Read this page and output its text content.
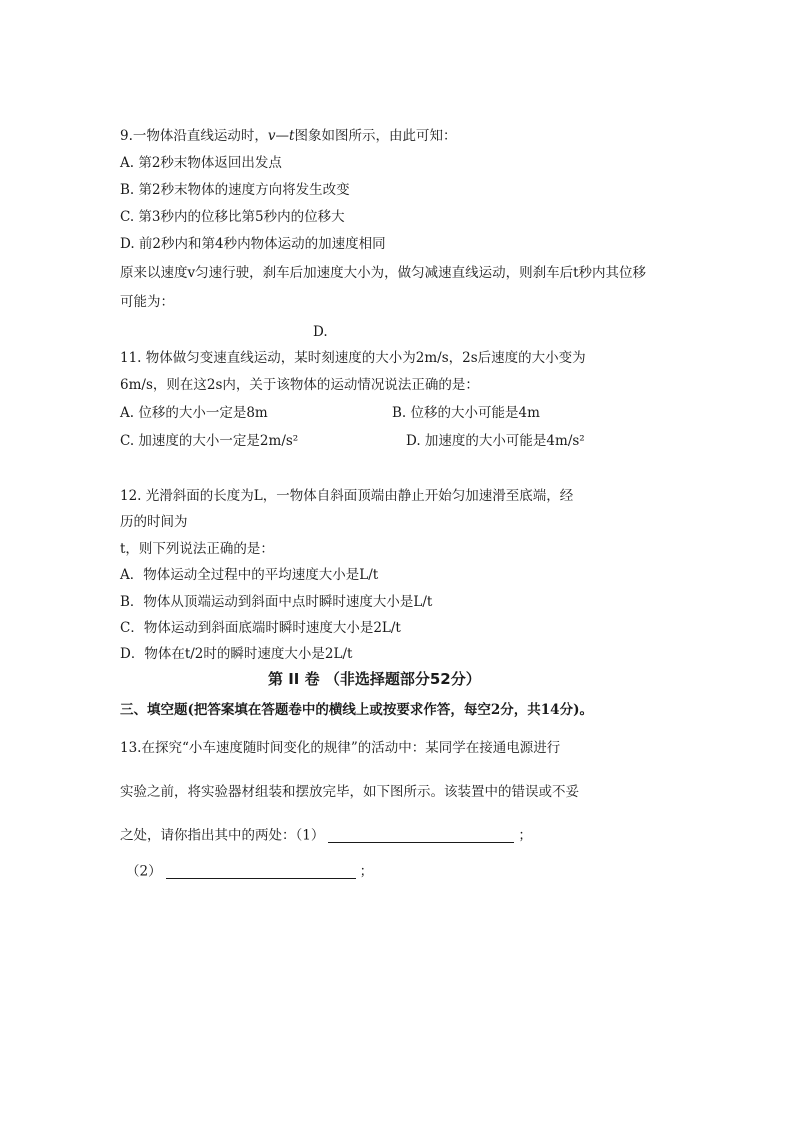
9.一物体沿直线运动时，v—t图象如图所示，由此可知：
A. 第2秒末物体返回出发点
B. 第2秒末物体的速度方向将发生改变
C. 第3秒内的位移比第5秒内的位移大
D. 前2秒内和第4秒内物体运动的加速度相同
原来以速度v匀速行驶，刹车后加速度大小为，做匀减速直线运动，则刹车后t秒内其位移
可能为：
D.
11. 物体做匀变速直线运动，某时刻速度的大小为2m/s，2s后速度的大小变为
6m/s，则在这2s内，关于该物体的运动情况说法正确的是：
A. 位移的大小一定是8m	B. 位移的大小可能是4m
C. 加速度的大小一定是2m/s²	D. 加速度的大小可能是4m/s²
12. 光滑斜面的长度为L，一物体自斜面顶端由静止开始匀加速滑至底端，经
历的时间为
t，则下列说法正确的是：
A．物体运动全过程中的平均速度大小是L/t
B．物体从顶端运动到斜面中点时瞬时速度大小是L/t
C．物体运动到斜面底端时瞬时速度大小是2L/t
D．物体在t/2时的瞬时速度大小是2L/t
第 II 卷 （非选择题部分52分）
三、填空题(把答案填在答题卷中的横线上或按要求作答，每空2分，共14分)。
13.在探究“小车速度随时间变化的规律”的活动中：某同学在接通电源进行
实验之前，将实验器材组装和摆放完毕，如下图所示。该装置中的错误或不妥
之处，请你指出其中的两处：（1）	；
（2）	；
